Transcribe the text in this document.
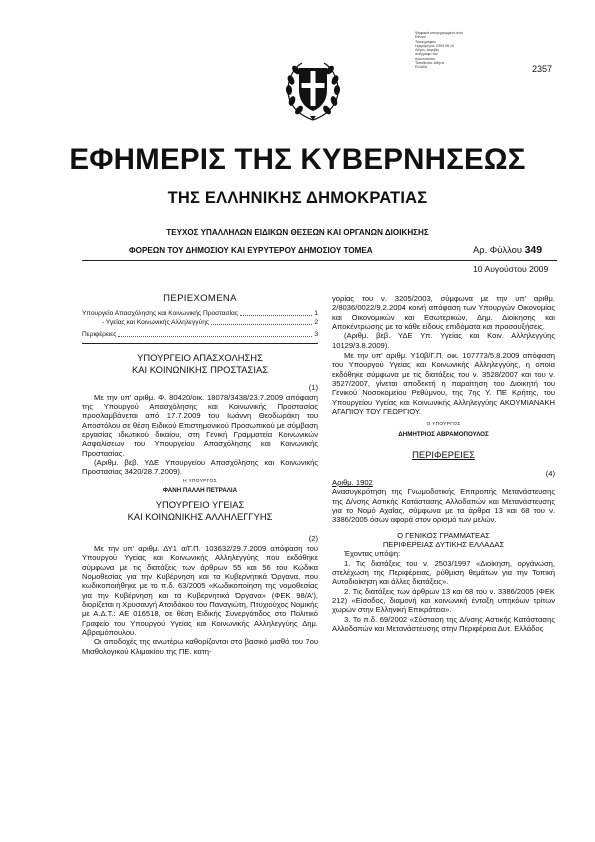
Ψηφιακά υπογεγραμμένο από
Εθνικό
Τυπογραφείο
Ημερομηνία: 2009.08.10
Λόγος: Ακριβές
αντίγραφο του
πρωτοτύπου
Τοποθεσία: Αθήνα
Ελλάδα	2357
ΕΦΗΜΕΡΙΣ ΤΗΣ ΚΥΒΕΡΝΗΣΕΩΣ
ΤΗΣ ΕΛΛΗΝΙΚΗΣ ΔΗΜΟΚΡΑΤΙΑΣ
ΤΕΥΧΟΣ ΥΠΑΛΛΗΛΩΝ ΕΙΔΙΚΩΝ ΘΕΣΕΩΝ ΚΑΙ ΟΡΓΑΝΩΝ ΔΙΟΙΚΗΣΗΣ
ΦΟΡΕΩΝ ΤΟΥ ΔΗΜΟΣΙΟΥ ΚΑΙ ΕΥΡΥΤΕΡΟΥ ΔΗΜΟΣΙΟΥ ΤΟΜΕΑ	Αρ. Φύλλου 349
10 Αυγούστου 2009
ΠΕΡΙΕΧΟΜΕΝΑ
Υπουργείο Απασχόλησης και Κοινωνικής Προστασίας	1
- Υγείας και Κοινωνικής Αλληλεγγύης	2
Περιφέρειες	3

ΥΠΟΥΡΓΕΙΟ ΑΠΑΣΧΟΛΗΣΗΣ

ΚΑΙ ΚΟΙΝΩΝΙΚΗΣ ΠΡΟΣΤΑΣΙΑΣ

(1)

Με την υπ' αριθμ. Φ. 80420/οικ. 18078/3438/23.7.2009 απόφαση της Υπουργού Απασχόλησης και Κοινωνικής Προστασίας προσλαμβάνεται από 17.7.2009 του Ιωάννη Θεοδωράκη του Αποστόλου σε θέση Ειδικού Επιστημονικού Προσωπικού με σύμβαση εργασίας ιδιωτικού δικαίου, στη Γενική Γραμματεία Κοινωνικών Ασφαλίσεων του Υπουργείου Απασχόλησης και Κοινωνικής Προστασίας.

(Αριθμ. βεβ. ΥΔΕ Υπουργείου Απασχόλησης και Κοινωνικής Προστασίας 3420/28.7.2009).

Η ΥΠΟΥΡΓΟΣ

ΦΑΝΗ ΠΑΛΛΗ ΠΕΤΡΑΛΙΑ

ΥΠΟΥΡΓΕΙΟ ΥΓΕΙΑΣ

ΚΑΙ ΚΟΙΝΩΝΙΚΗΣ ΑΛΛΗΛΕΓΓΥΗΣ

(2)

Με την υπ' αριθμ. ΔΥ1 α/Γ.Π. 103632/29.7.2009 απόφαση του Υπουργού Υγείας και Κοινωνικής Αλληλεγγύης που εκδόθηκε σύμφωνα με τις διατάξεις των άρθρων 55 και 56 του Κώδικα Νομοθεσίας για την Κυβέρνηση και τα Κυβερνητικά Όργανα, που κωδικοποιήθηκε με το π.δ. 63/2005 «Κωδικοποίηση της νομοθεσίας για την Κυβέρνηση και τα Κυβερνητικά Όργανα» (ΦΕΚ 98/Α'), διορίζεται η Χρυσαυγή Ατσιδάκου του Παναγιώτη, Πτυχιούχος Νομικής με Α.Δ.Τ.: ΑΕ 016518, σε θέση Ειδικής Συνεργάτιδος στο Πολιτικό Γραφείο του Υπουργού Υγείας και Κοινωνικής Αλληλεγγύης Δημ. Αβραμόπουλου.

Οι αποδοχές της ανωτέρω καθορίζονται στο βασικό μισθό του 7ου Μισθολογικού Κλιμακίου της ΠΕ. κατη-

γορίας του ν. 3205/2003, σύμφωνα με την υπ' αριθμ. 2/8036/0022/9.2.2004 κοινή απόφαση των Υπουργών Οικονομίας και Οικονομικών και Εσωτερικών, Δημ. Διοίκησης και Αποκέντρωσης με τα κάθε είδους επιδόματα και προσαυξήσεις.

(Αριθμ. βεβ. ΥΔΕ Υπ. Υγείας και Κοιν. Αλληλεγγύης 10129/3.8.2009).

Με την υπ' αριθμ. Υ10β/Γ.Π. οικ. 107773/5.8.2009 απόφαση του Υπουργού Υγείας και Κοινωνικής Αλληλεγγύης, η οποία εκδόθηκε σύμφωνα με τις διατάξεις του ν. 3528/2007 και του ν. 3527/2007, γίνεται αποδεκτή η παραίτηση του Διοικητή του Γενικού Νοσοκομείου Ρεθύμνου, της 7ης Υ. ΠΕ Κρήτης, του Υπουργείου Υγείας και Κοινωνικής Αλληλεγγύης ΑΚΟΥΜΙΑΝΑΚΗ ΑΓΑΠΙΟΥ ΤΟΥ ΓΕΩΡΓΙΟΥ.

Ο ΥΠΟΥΡΓΟΣ

ΔΗΜΗΤΡΙΟΣ ΑΒΡΑΜΟΠΟΥΛΟΣ

ΠΕΡΙΦΕΡΕΙΕΣ

(4)

Αριθμ. 1902

Ανασυγκρότηση της Γνωμοδοτικής Επιτροπής Μετανάστευσης της Δ/νσης Αστικής Κατάστασης Αλλοδαπών και Μετανάστευσης για το Νομό Αχαΐας, σύμφωνα με τα άρθρα 13 και 68 του ν. 3386/2005 όσων αφορά στον ορισμό των μελών.

Ο ΓΕΝΙΚΟΣ ΓΡΑΜΜΑΤΕΑΣ

ΠΕΡΙΦΕΡΕΙΑΣ ΔΥΤΙΚΗΣ ΕΛΛΑΔΑΣ

Έχοντας υπόψη:

1. Τις διατάξεις του ν. 2503/1997 «Διοίκηση, οργάνωση, στελέχωση της Περιφέρειας, ρύθμιση θεμάτων για την Τοπική Αυτοδιοίκηση και άλλες διατάξεις».

2. Τις διατάξεις των άρθρων 13 και 68 του ν. 3386/2005 (ΦΕΚ 212) «Είσοδος, διαμονή και κοινωνική ένταξη υπηκόων τρίτων χωρών στην Ελληνική Επικράτεια».

3. Το π.δ. 69/2002 «Σύσταση της Δ/νσης Αστικής Κατάστασης Αλλοδαπών και Μετανάστευσης στην Περιφέρεια Δυτ. Ελλάδος
